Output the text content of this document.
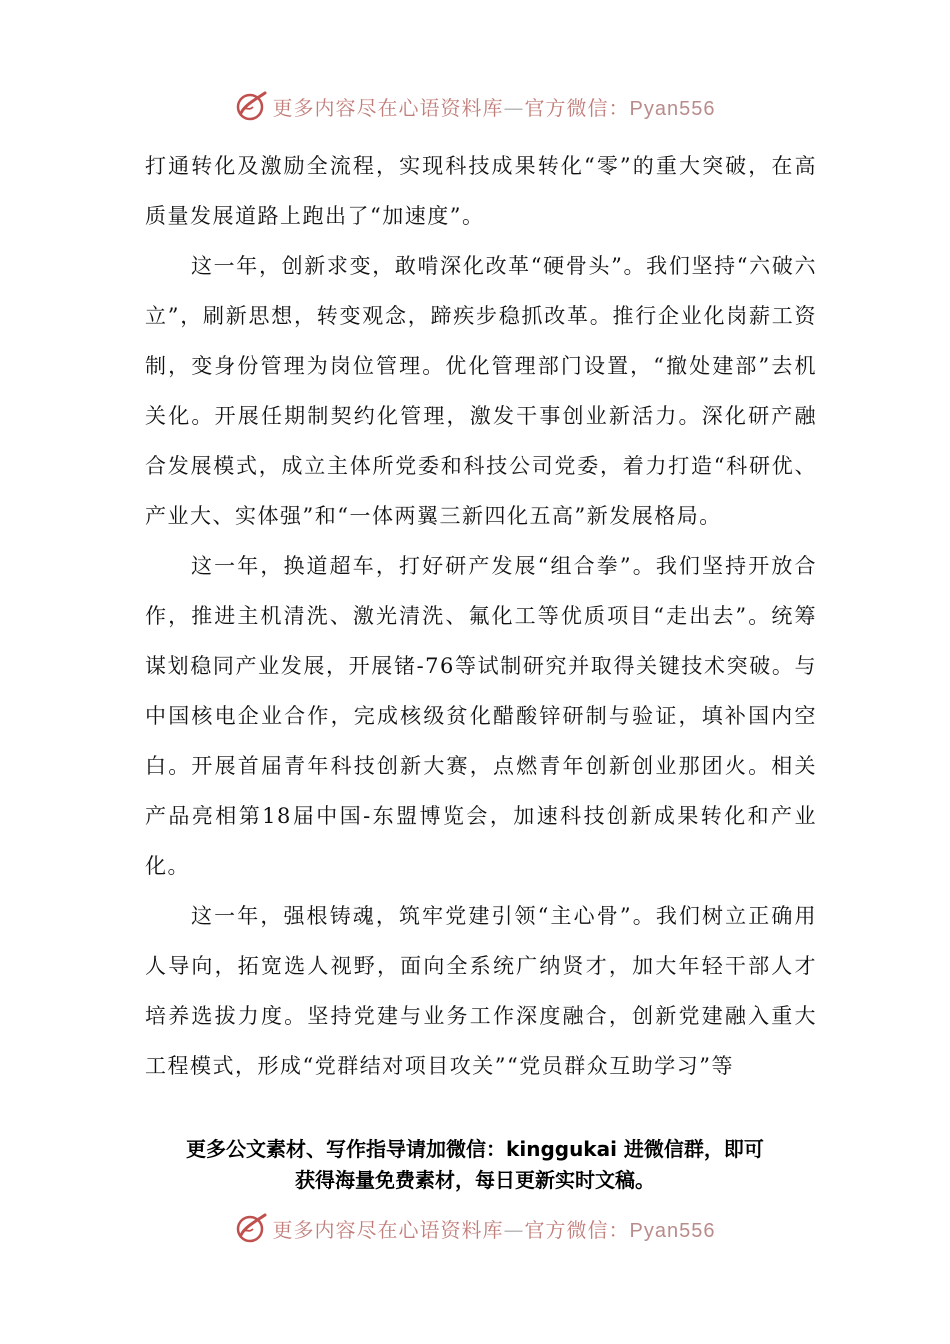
更多内容尽在心语资料库—官方微信：Pyan556

打通转化及激励全流程，实现科技成果转化“零”的重大突破，在高质量发展道路上跑出了“加速度”。

这一年，创新求变，敢啃深化改革“硬骨头”。我们坚持“六破六立”，刷新思想，转变观念，蹄疾步稳抓改革。推行企业化岗薪工资制，变身份管理为岗位管理。优化管理部门设置，“撤处建部”去机关化。开展任期制契约化管理，激发干事创业新活力。深化研产融合发展模式，成立主体所党委和科技公司党委，着力打造“科研优、产业大、实体强”和“一体两翼三新四化五高”新发展格局。

这一年，换道超车，打好研产发展“组合拳”。我们坚持开放合作，推进主机清洗、激光清洗、氟化工等优质项目“走出去”。统筹谋划稳同产业发展，开展锗-76等试制研究并取得关键技术突破。与中国核电企业合作，完成核级贫化醋酸锌研制与验证，填补国内空白。开展首届青年科技创新大赛，点燃青年创新创业那团火。相关产品亮相第18届中国-东盟博览会，加速科技创新成果转化和产业化。

这一年，强根铸魂，筑牢党建引领“主心骨”。我们树立正确用人导向，拓宽选人视野，面向全系统广纳贤才，加大年轻干部人才培养选拔力度。坚持党建与业务工作深度融合，创新党建融入重大工程模式，形成“党群结对项目攻关”“党员群众互助学习”等

更多公文素材、写作指导请加微信：kinggukai 进微信群，即可
获得海量免费素材，每日更新实时文稿。
更多内容尽在心语资料库—官方微信：Pyan556
